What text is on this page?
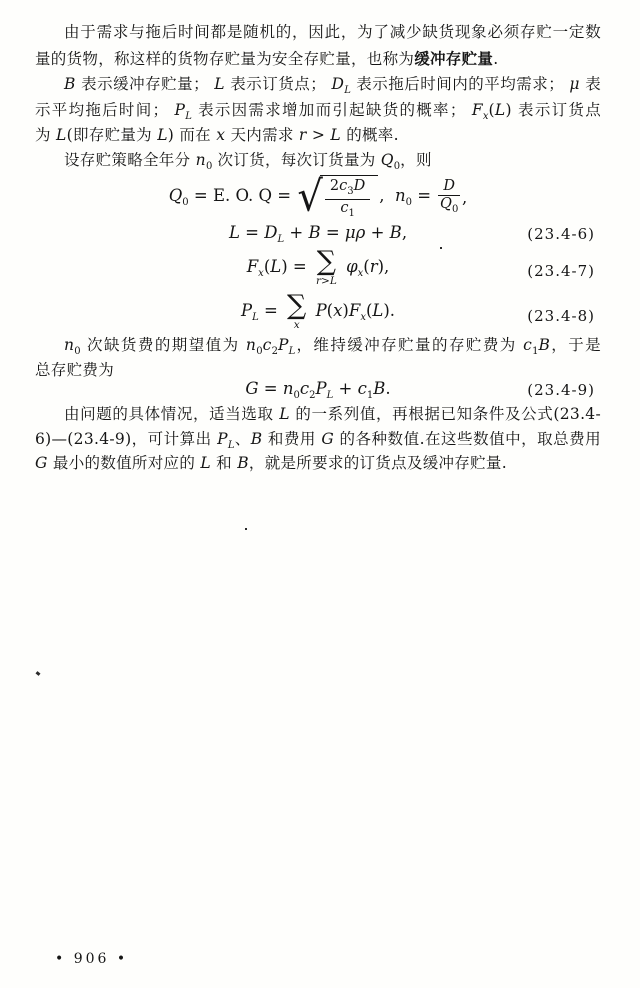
由于需求与拖后时间都是随机的，因此，为了减少缺货现象必须存贮一定数
量的货物，称这样的货物存贮量为安全存贮量，也称为缓冲存贮量.
B 表示缓冲存贮量； L 表示订货点； $D_L$ 表示拖后时间内的平均需求； μ 表
示平均拖后时间； $P_L$ 表示因需求增加而引起缺货的概率； $F_x(L)$ 表示订货点
为 L(即存贮量为 L) 而在 x 天内需求 r > L 的概率.
设存贮策略全年分 $n_0$ 次订货，每次订货量为 $Q_0$，则
$Q_0 = E$. O. Q = √ $\frac{2c_3D}{c_1}$ ,  $n_0 = \frac{D}{Q_0}$ ,
$L = D_L + B = \mu\rho + B$,	(23.4-6)
$F_x(L)$ = ∑
r>L
$\varphi_x(r)$,	(23.4-7)
$P_L$ = ∑
x
$P(x)F_x(L)$.	(23.4-8)
$n_0$ 次缺货费的期望值为 $n_0c_2P_L$，维持缓冲存贮量的存贮费为 $c_1B$，于是
总存贮费为
$G = n_0c_2P_L + c_1B$.	(23.4-9)
由问题的具体情况，适当选取 L 的一系列值，再根据已知条件及公式(23.4-
6)—(23.4-9)，可计算出 $P_L$、B 和费用 G 的各种数值.在这些数值中，取总费用
G 最小的数值所对应的 L 和 B，就是所要求的订货点及缓冲存贮量.
• 906 •
